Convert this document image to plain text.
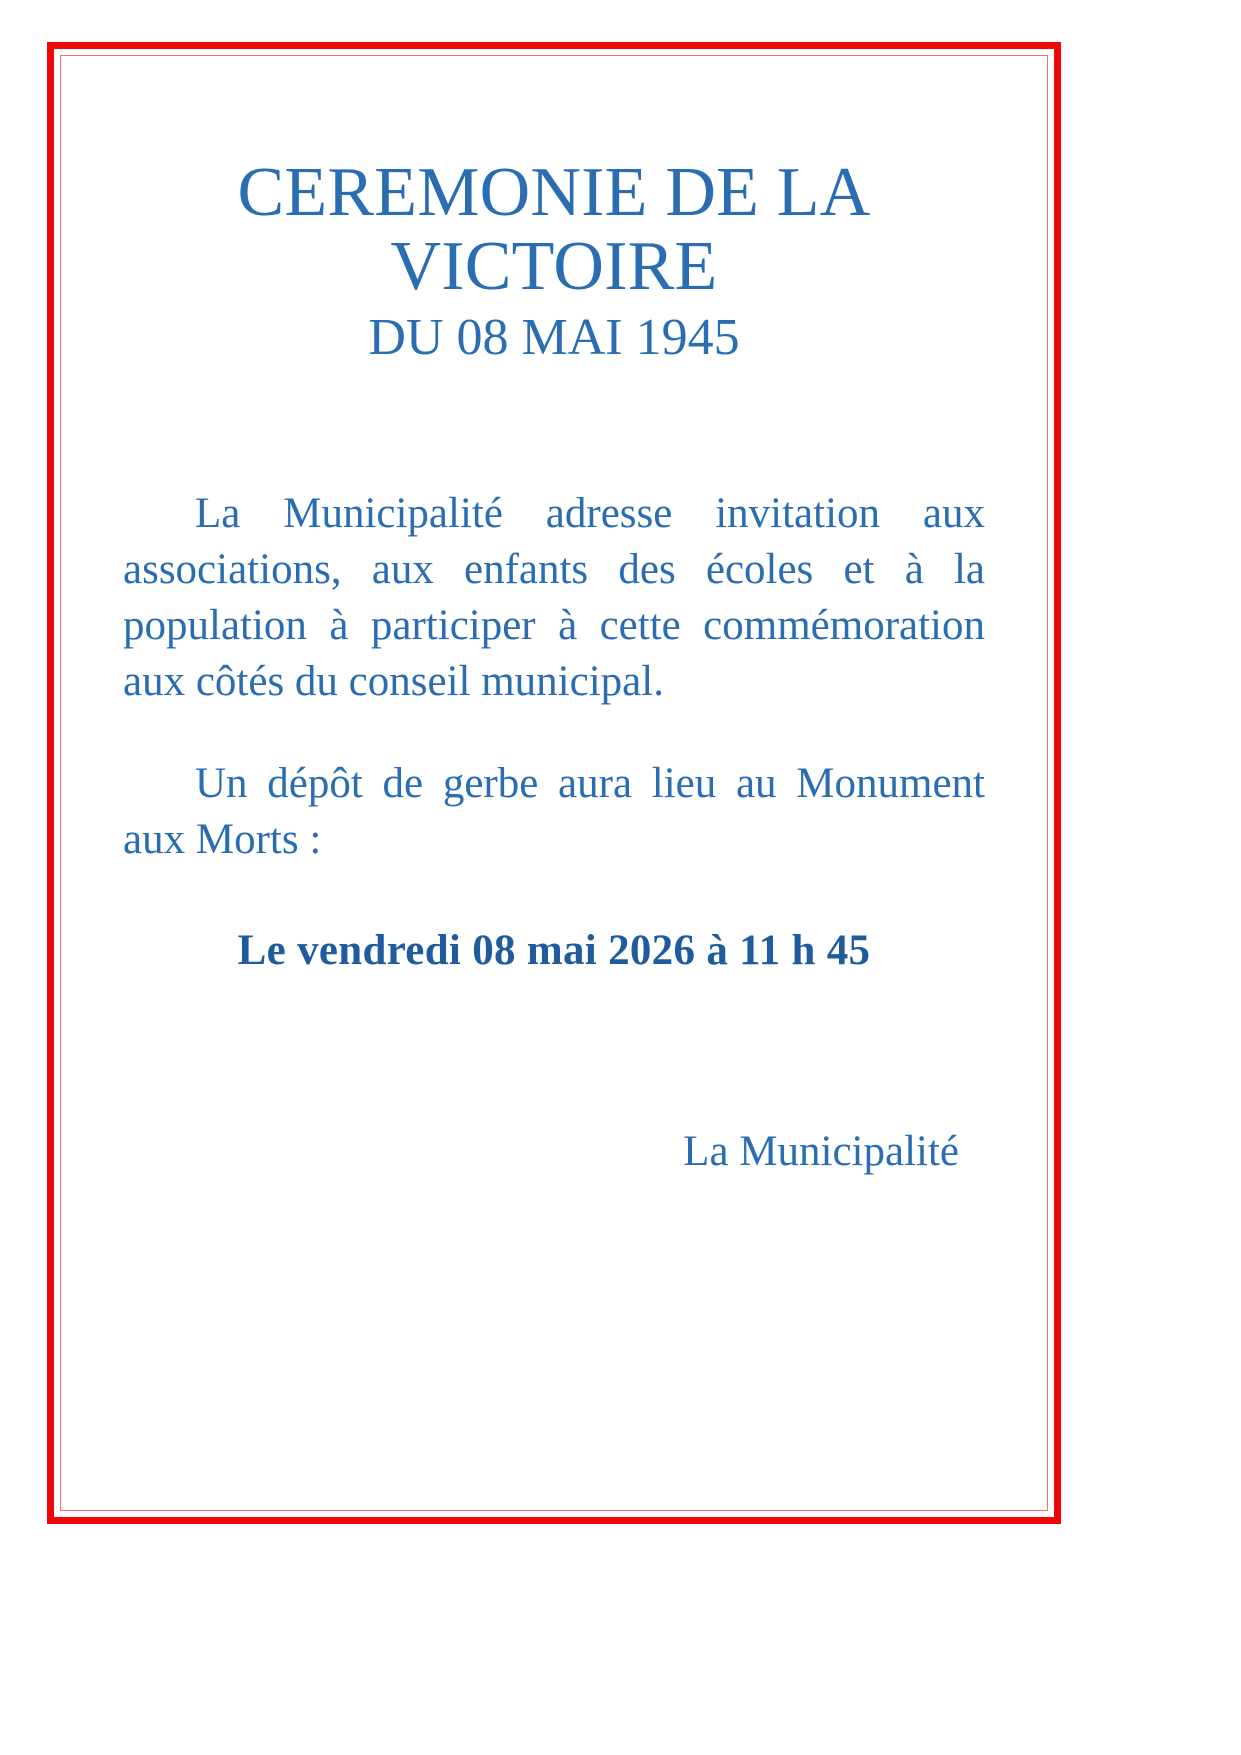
CEREMONIE DE LA
VICTOIRE
DU 08 MAI 1945

La Municipalité adresse invitation aux associations, aux enfants des écoles et à la population à participer à cette commémoration aux côtés du conseil municipal.

Un dépôt de gerbe aura lieu au Monument aux Morts :

Le vendredi 08 mai 2026 à 11 h 45
La Municipalité
